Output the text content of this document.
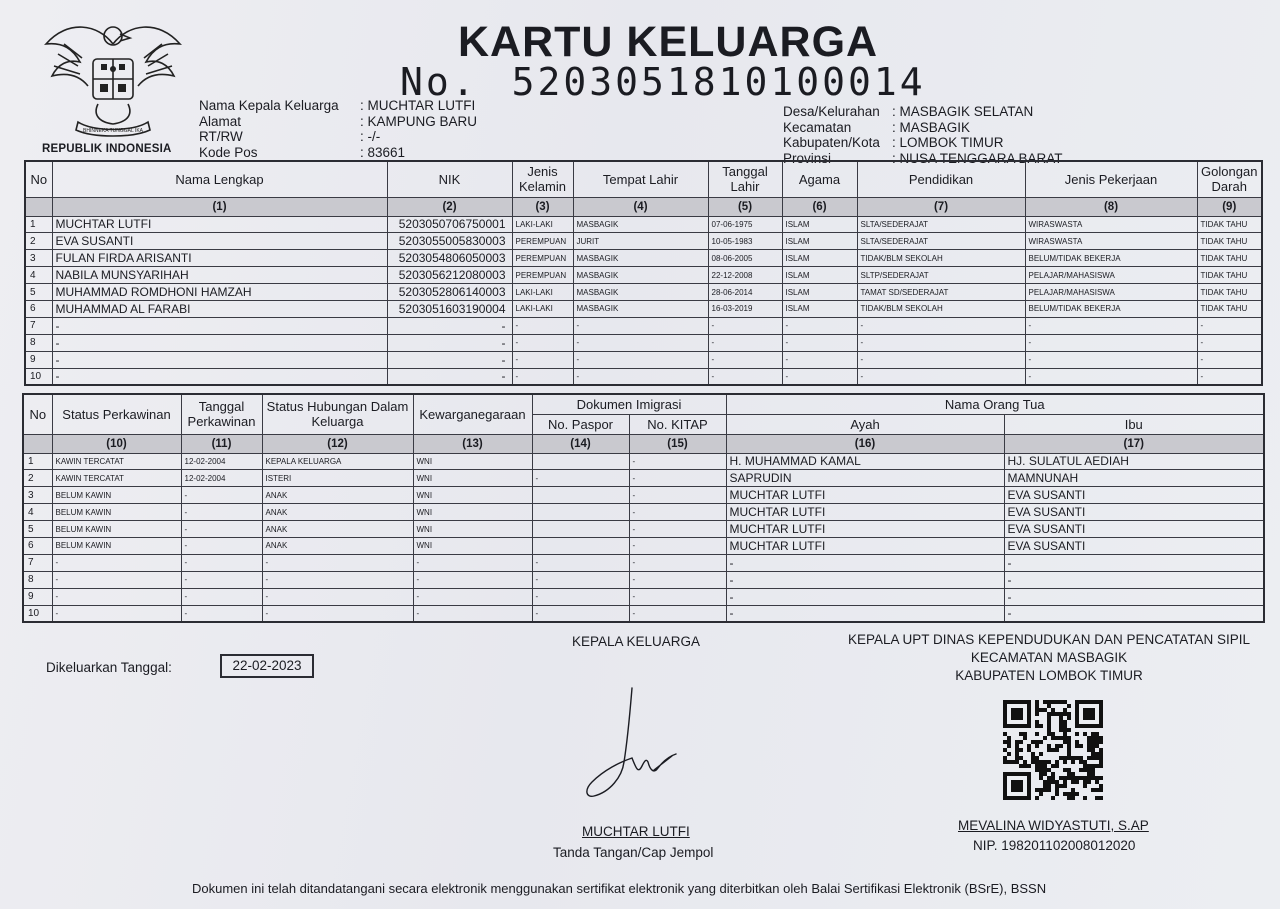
BHINNEKA TUNGGAL IKA
REPUBLIK INDONESIA
KARTU KELUARGA
No. 5203051810100014
Nama Kepala Keluarga	: MUCHTAR LUTFI
Alamat	: KAMPUNG BARU
RT/RW	: -/-
Kode Pos	: 83661
Desa/Kelurahan : MASBAGIK SELATAN
Kecamatan	: MASBAGIK
Kabupaten/Kota : LOMBOK TIMUR
Provinsi	: NUSA TENGGARA BARAT
No	Nama Lengkap	NIK	Jenis Kelamin	Tempat Lahir	Tanggal Lahir	Agama	Pendidikan	Jenis Pekerjaan	Golongan Darah
	(1)	(2)	(3)	(4)	(5)	(6)	(7)	(8)	(9)
1	MUCHTAR LUTFI	5203050706750001	LAKI-LAKI	MASBAGIK	07-06-1975	ISLAM	SLTA/SEDERAJAT	WIRASWASTA	TIDAK TAHU
2	EVA SUSANTI	5203055005830003	PEREMPUAN	JURIT	10-05-1983	ISLAM	SLTA/SEDERAJAT	WIRASWASTA	TIDAK TAHU
3	FULAN FIRDA ARISANTI	5203054806050003	PEREMPUAN	MASBAGIK	08-06-2005	ISLAM	TIDAK/BLM SEKOLAH	BELUM/TIDAK BEKERJA	TIDAK TAHU
4	NABILA MUNSYARIHAH	5203056212080003	PEREMPUAN	MASBAGIK	22-12-2008	ISLAM	SLTP/SEDERAJAT	PELAJAR/MAHASISWA	TIDAK TAHU
5	MUHAMMAD ROMDHONI HAMZAH	5203052806140003	LAKI-LAKI	MASBAGIK	28-06-2014	ISLAM	TAMAT SD/SEDERAJAT	PELAJAR/MAHASISWA	TIDAK TAHU
6	MUHAMMAD AL FARABI	5203051603190004	LAKI-LAKI	MASBAGIK	16-03-2019	ISLAM	TIDAK/BLM SEKOLAH	BELUM/TIDAK BEKERJA	TIDAK TAHU
7	-	-	-	-	-	-	-	-	-
8	-	-	-	-	-	-	-	-	-
9	-	-	-	-	-	-	-	-	-
10	-	-	-	-	-	-	-	-	-
No	Status Perkawinan	Tanggal Perkawinan	Status Hubungan Dalam Keluarga	Kewarganegaraan	Dokumen Imigrasi		Nama Orang Tua	
					No. Paspor	No. KITAP	Ayah	Ibu
	(10)	(11)	(12)	(13)	(14)	(15)	(16)	(17)
1	KAWIN TERCATAT	12-02-2004	KEPALA KELUARGA	WNI		-	H. MUHAMMAD KAMAL	HJ. SULATUL AEDIAH
2	KAWIN TERCATAT	12-02-2004	ISTERI	WNI	-	-	SAPRUDIN	MAMNUNAH
3	BELUM KAWIN	-	ANAK	WNI		-	MUCHTAR LUTFI	EVA SUSANTI
4	BELUM KAWIN	-	ANAK	WNI		-	MUCHTAR LUTFI	EVA SUSANTI
5	BELUM KAWIN	-	ANAK	WNI		-	MUCHTAR LUTFI	EVA SUSANTI
6	BELUM KAWIN	-	ANAK	WNI		-	MUCHTAR LUTFI	EVA SUSANTI
7	-	-	-	-	-	-	-	-
8	-	-	-	-	-	-	-	-
9	-	-	-	-	-	-	-	-
10	-	-	-	-	-	-	-	-
KEPALA KELUARGA	KEPALA UPT DINAS KEPENDUDUKAN DAN PENCATATAN SIPIL
KECAMATAN MASBAGIK
KABUPATEN LOMBOK TIMUR
Dikeluarkan Tanggal:	22-02-2023
MUCHTAR LUTFI
Tanda Tangan/Cap Jempol
MEVALINA WIDYASTUTI, S.AP
NIP. 198201102008012020
Dokumen ini telah ditandatangani secara elektronik menggunakan sertifikat elektronik yang diterbitkan oleh Balai Sertifikasi Elektronik (BSrE), BSSN
